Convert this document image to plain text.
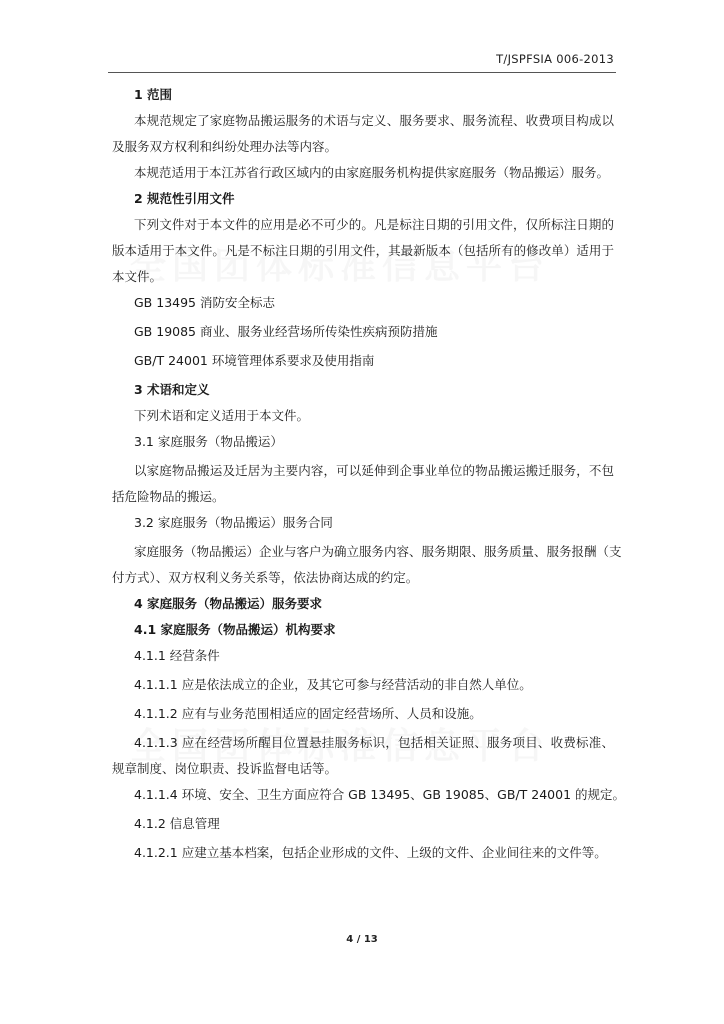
T/JSPFSIA 006-2013
1 范围
本规范规定了家庭物品搬运服务的术语与定义、服务要求、服务流程、收费项目构成以
及服务双方权利和纠纷处理办法等内容。
本规范适用于本江苏省行政区域内的由家庭服务机构提供家庭服务（物品搬运）服务。
2 规范性引用文件
下列文件对于本文件的应用是必不可少的。凡是标注日期的引用文件，仅所标注日期的
版本适用于本文件。凡是不标注日期的引用文件，其最新版本（包括所有的修改单）适用于
本文件。
GB 13495 消防安全标志
GB 19085 商业、服务业经营场所传染性疾病预防措施
GB/T 24001 环境管理体系要求及使用指南
3 术语和定义
下列术语和定义适用于本文件。
3.1 家庭服务（物品搬运）
以家庭物品搬运及迁居为主要内容，可以延伸到企事业单位的物品搬运搬迁服务，不包
括危险物品的搬运。
3.2 家庭服务（物品搬运）服务合同
家庭服务（物品搬运）企业与客户为确立服务内容、服务期限、服务质量、服务报酬（支
付方式）、双方权利义务关系等，依法协商达成的约定。
4 家庭服务（物品搬运）服务要求
4.1 家庭服务（物品搬运）机构要求
4.1.1 经营条件
4.1.1.1 应是依法成立的企业，及其它可参与经营活动的非自然人单位。
4.1.1.2 应有与业务范围相适应的固定经营场所、人员和设施。
4.1.1.3 应在经营场所醒目位置悬挂服务标识，包括相关证照、服务项目、收费标准、
规章制度、岗位职责、投诉监督电话等。
4.1.1.4 环境、安全、卫生方面应符合 GB 13495、GB 19085、GB/T 24001 的规定。
4.1.2 信息管理
4.1.2.1 应建立基本档案，包括企业形成的文件、上级的文件、企业间往来的文件等。
4 / 13
